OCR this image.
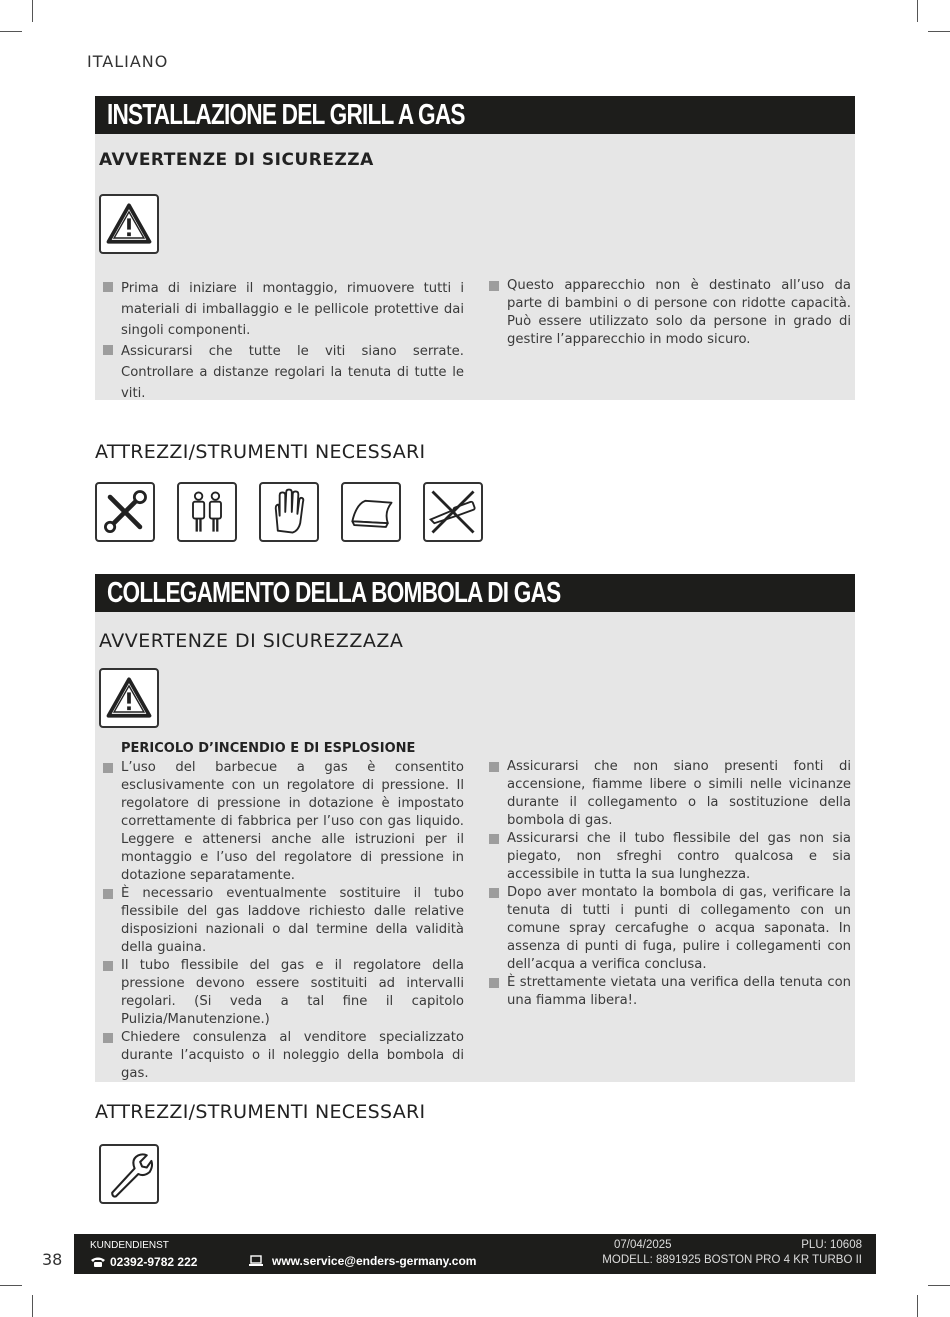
ITALIANO
INSTALLAZIONE DEL GRILL A GAS
AVVERTENZE DI SICUREZZA
Prima di iniziare il montaggio, rimuovere tutti i materiali di imballaggio e le pellicole protettive dai singoli componenti.
Assicurarsi che tutte le viti siano serrate. Controllare a distanze regolari la tenuta di tutte le viti.
Questo apparecchio non è destinato all’uso da parte di bambini o di persone con ridotte capacità. Può essere utilizzato solo da persone in grado di gestire l’apparecchio in modo sicuro.
ATTREZZI/STRUMENTI NECESSARI
COLLEGAMENTO DELLA BOMBOLA DI GAS
AVVERTENZE DI SICUREZZAZA
PERICOLO D’INCENDIO E DI ESPLOSIONE
L’uso del barbecue a gas è consentito esclusivamente con un regolatore di pressione. Il regolatore di pressione in dotazione è impostato correttamente di fabbrica per l’uso con gas liquido. Leggere e attenersi anche alle istruzioni per il montaggio e l’uso del regolatore di pressione in dotazione separatamente.
È necessario eventualmente sostituire il tubo flessibile del gas laddove richiesto dalle relative disposizioni nazionali o dal termine della validità della guaina.
Il tubo flessibile del gas e il regolatore della pressione devono essere sostituiti ad intervalli regolari. (Si veda a tal fine il capitolo Pulizia/Manutenzione.)
Chiedere consulenza al venditore specializzato durante l’acquisto o il noleggio della bombola di gas.
Assicurarsi che non siano presenti fonti di accensione, fiamme libere o simili nelle vicinanze durante il collegamento o la sostituzione della bombola di gas.
Assicurarsi che il tubo flessibile del gas non sia piegato, non sfreghi contro qualcosa e sia accessibile in tutta la sua lunghezza.
Dopo aver montato la bombola di gas, verificare la tenuta di tutti i punti di collegamento con un comune spray cercafughe o acqua saponata. In assenza di punti di fuga, pulire i collegamenti con dell’acqua a verifica conclusa.
È strettamente vietata una verifica della tenuta con una fiamma libera!.
ATTREZZI/STRUMENTI NECESSARI
38
KUNDENDIENST
02392-9782 222	www.service@enders-germany.com
07/04/2025	PLU: 10608
MODELL: 8891925 BOSTON PRO 4 KR TURBO II
